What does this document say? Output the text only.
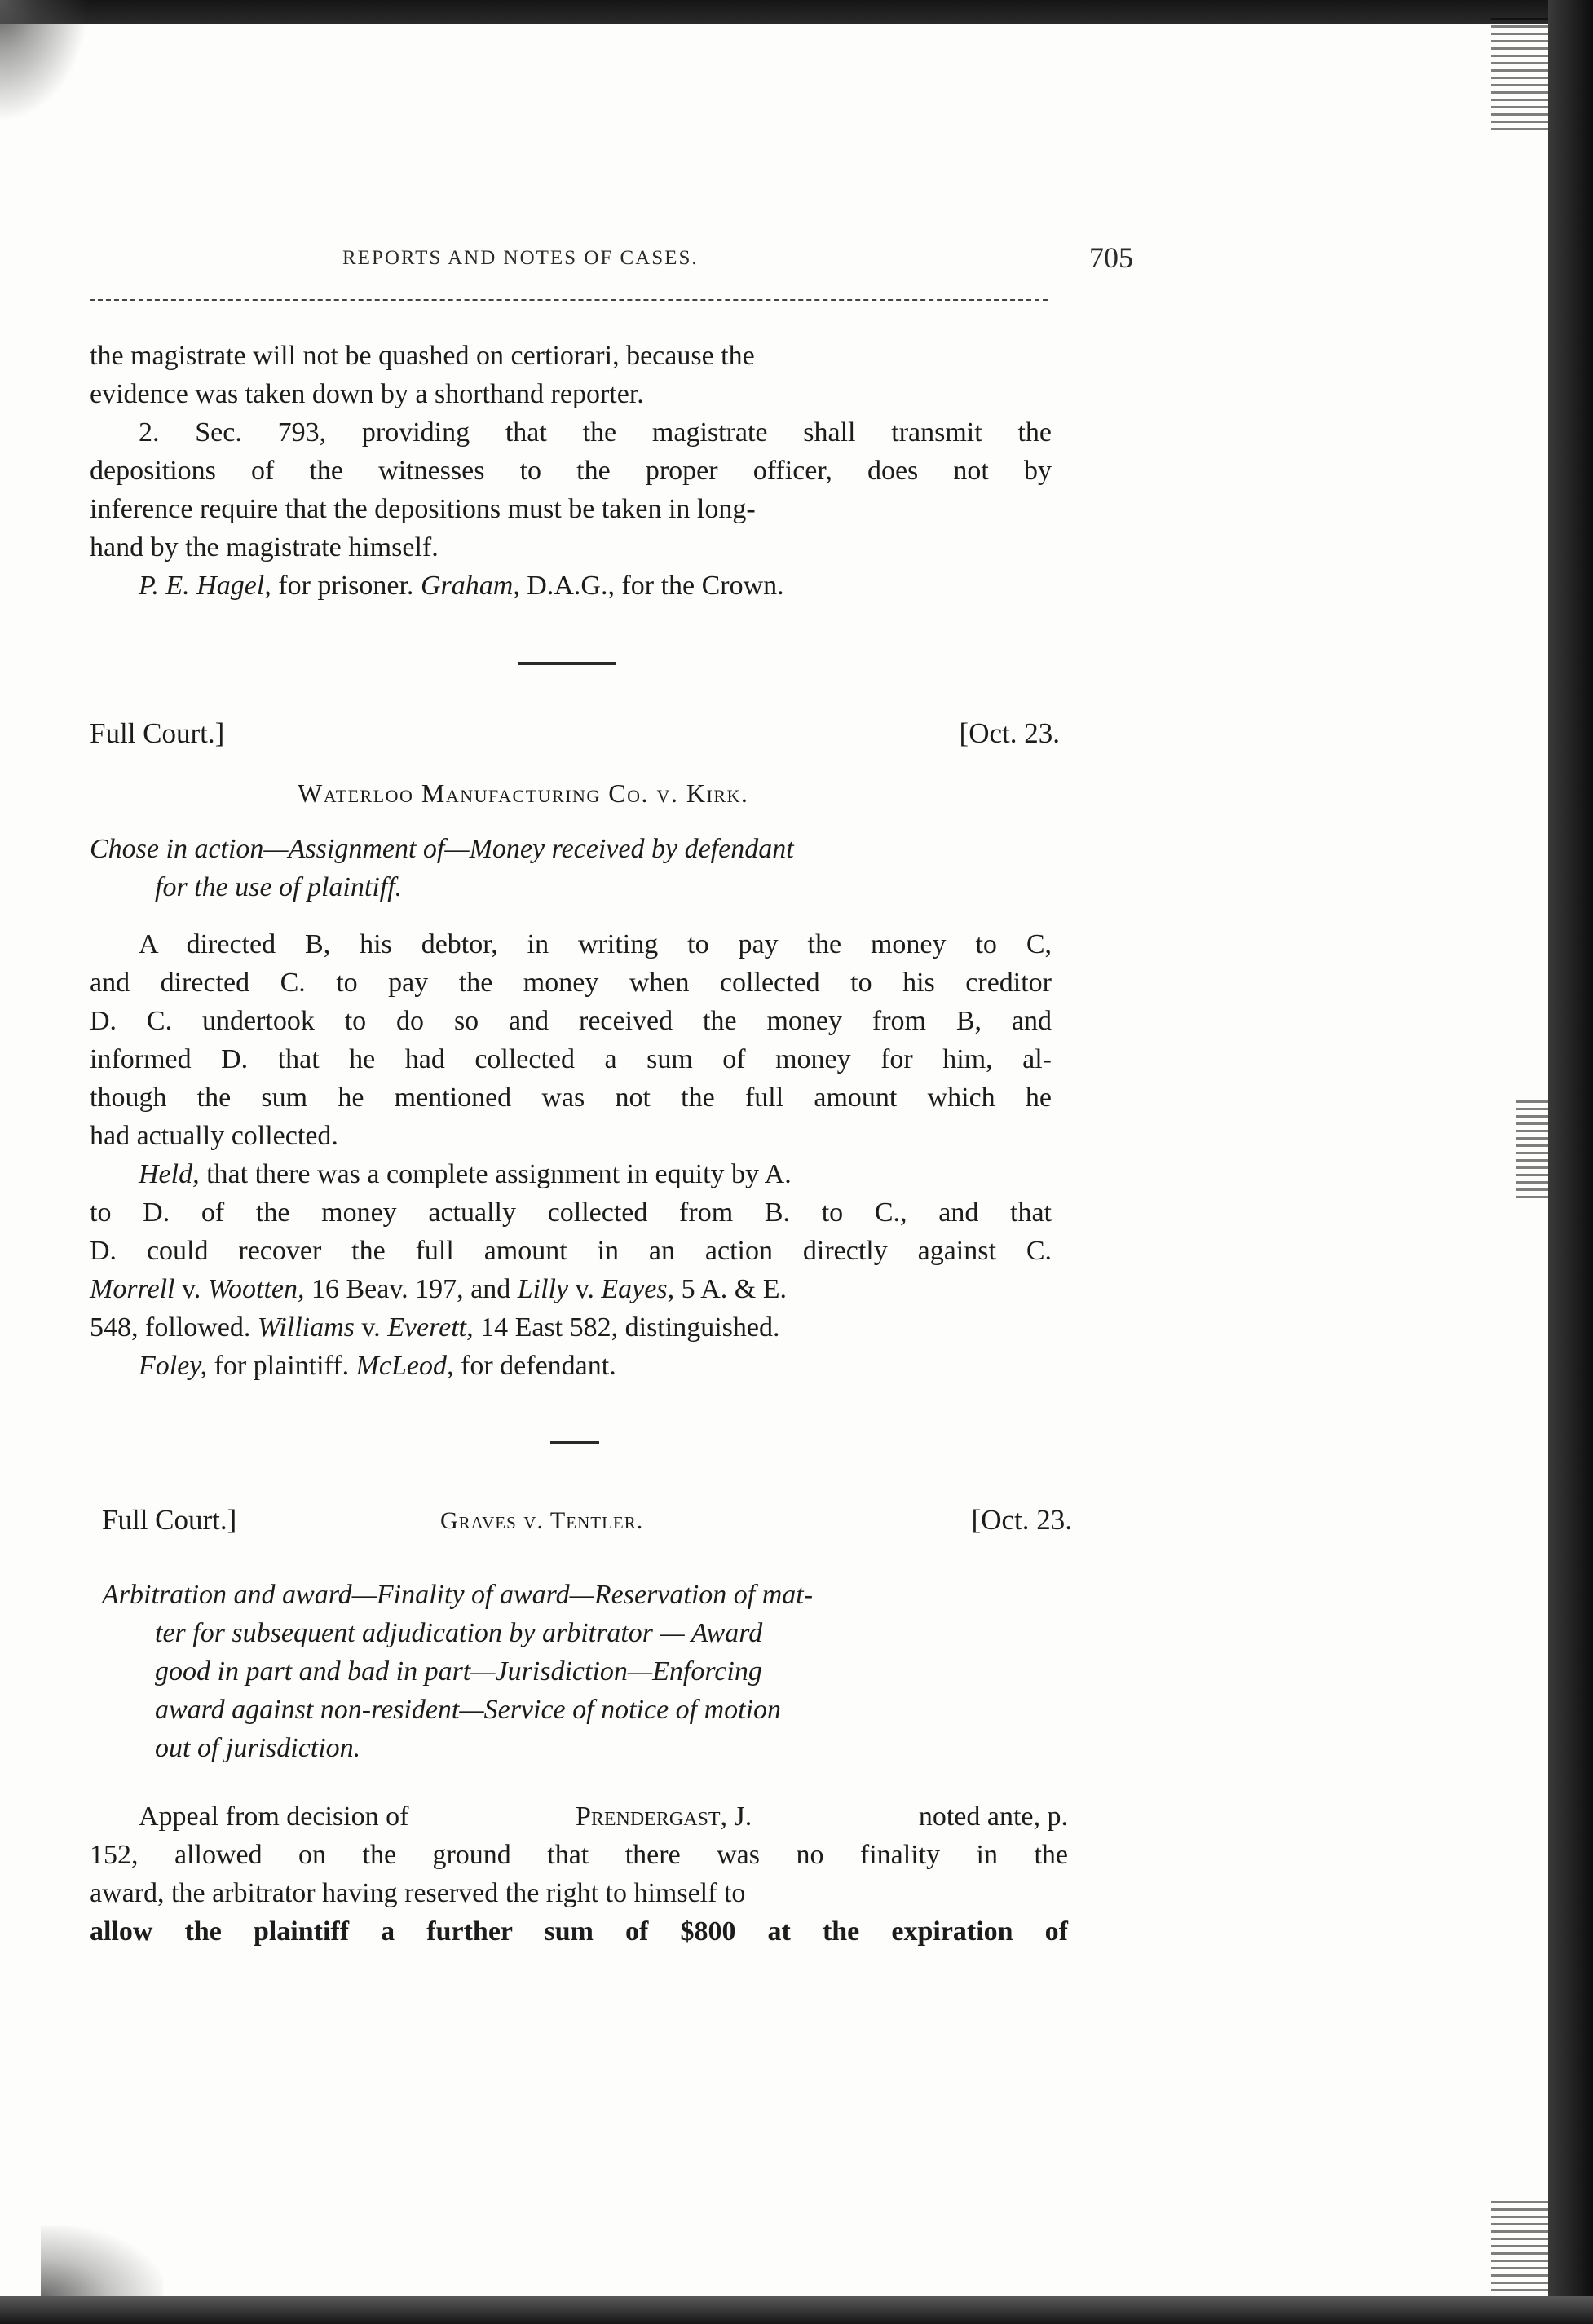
REPORTS AND NOTES OF CASES.	705
the magistrate will not be quashed on certiorari, because the
evidence was taken down by a shorthand reporter.
2. Sec. 793, providing that the magistrate shall transmit the
depositions of the witnesses to the proper officer, does not by
inference require that the depositions must be taken in long-
hand by the magistrate himself.
P. E. Hagel, for prisoner. Graham, D.A.G., for the Crown.
Full Court.]	[Oct. 23.
Waterloo Manufacturing Co. v. Kirk.
Chose in action—Assignment of—Money received by defendant
for the use of plaintiff.
A directed B, his debtor, in writing to pay the money to C,
and directed C. to pay the money when collected to his creditor
D. C. undertook to do so and received the money from B, and
informed D. that he had collected a sum of money for him, al-
though the sum he mentioned was not the full amount which he
had actually collected.
Held, that there was a complete assignment in equity by A.
to D. of the money actually collected from B. to C., and that
D. could recover the full amount in an action directly against C.
Morrell v. Wootten, 16 Beav. 197, and Lilly v. Eayes, 5 A. & E.
548, followed. Williams v. Everett, 14 East 582, distinguished.
Foley, for plaintiff. McLeod, for defendant.
Full Court.]	Graves v. Tentler.	[Oct. 23.
Arbitration and award—Finality of award—Reservation of mat-
ter for subsequent adjudication by arbitrator — Award
good in part and bad in part—Jurisdiction—Enforcing
award against non-resident—Service of notice of motion
out of jurisdiction.
Appeal from decision of	Prendergast, J.	noted ante, p.
152, allowed on the ground that there was no finality in the
award, the arbitrator having reserved the right to himself to
allow the plaintiff a further sum of $800 at the expiration of
